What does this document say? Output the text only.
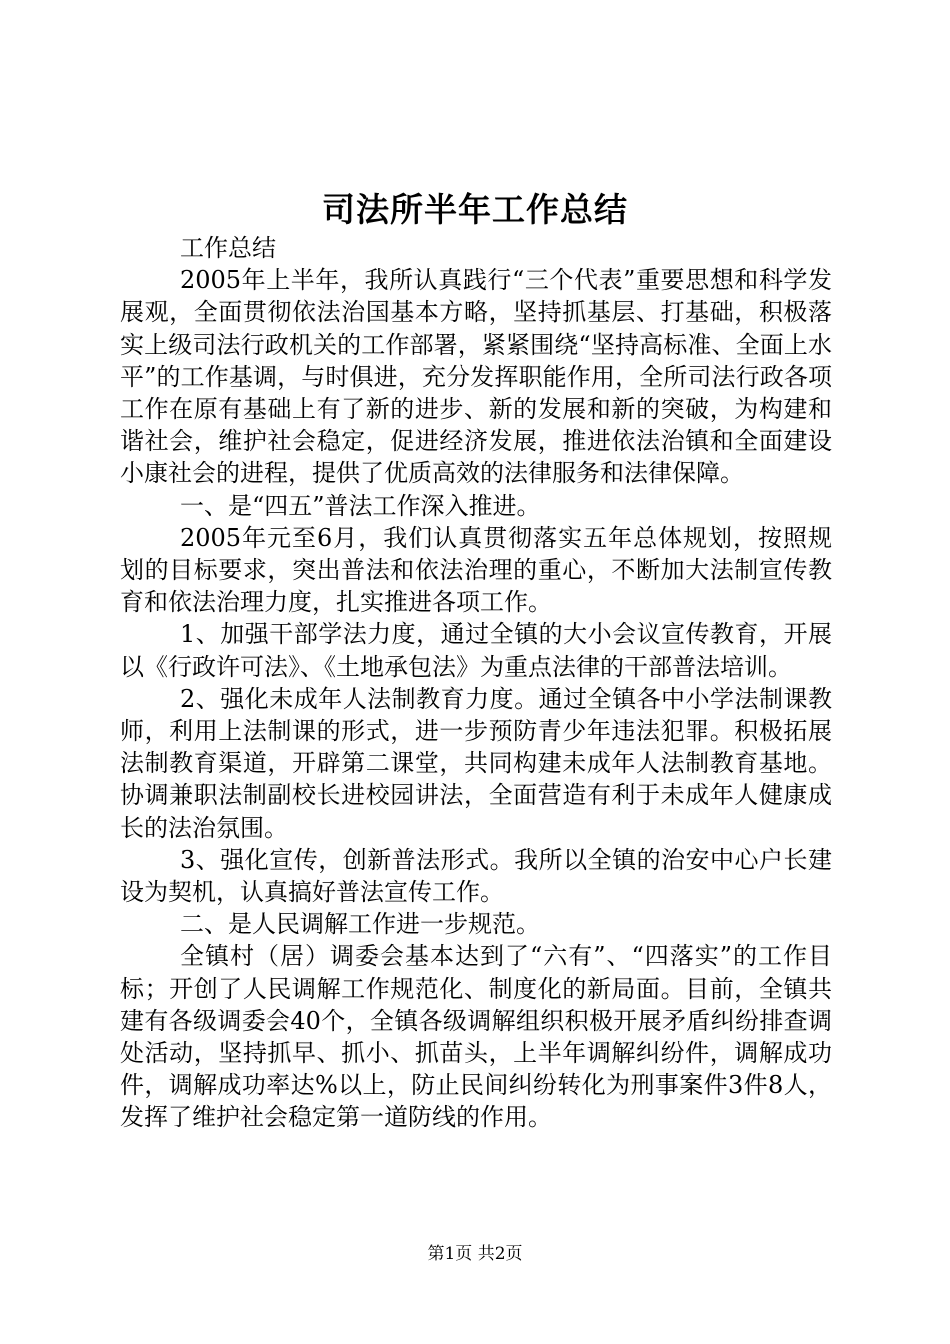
司法所半年工作总结

工作总结

2005年上半年，我所认真践行“三个代表”重要思想和科学发展观，全面贯彻依法治国基本方略，坚持抓基层、打基础，积极落实上级司法行政机关的工作部署，紧紧围绕“坚持高标准、全面上水平”的工作基调，与时俱进，充分发挥职能作用，全所司法行政各项工作在原有基础上有了新的进步、新的发展和新的突破，为构建和谐社会，维护社会稳定，促进经济发展，推进依法治镇和全面建设小康社会的进程，提供了优质高效的法律服务和法律保障。

一、是“四五”普法工作深入推进。

2005年元至6月，我们认真贯彻落实五年总体规划，按照规划的目标要求，突出普法和依法治理的重心，不断加大法制宣传教育和依法治理力度，扎实推进各项工作。

1、加强干部学法力度，通过全镇的大小会议宣传教育，开展以《行政许可法》、《土地承包法》为重点法律的干部普法培训。

2、强化未成年人法制教育力度。通过全镇各中小学法制课教师，利用上法制课的形式，进一步预防青少年违法犯罪。积极拓展法制教育渠道，开辟第二课堂，共同构建未成年人法制教育基地。协调兼职法制副校长进校园讲法，全面营造有利于未成年人健康成长的法治氛围。

3、强化宣传，创新普法形式。我所以全镇的治安中心户长建设为契机，认真搞好普法宣传工作。

二、是人民调解工作进一步规范。

全镇村（居）调委会基本达到了“六有”、“四落实”的工作目标；开创了人民调解工作规范化、制度化的新局面。目前，全镇共建有各级调委会40个，全镇各级调解组织积极开展矛盾纠纷排查调处活动，坚持抓早、抓小、抓苗头，上半年调解纠纷件，调解成功件，调解成功率达%以上，防止民间纠纷转化为刑事案件3件8人，发挥了维护社会稳定第一道防线的作用。

第1页 共2页
